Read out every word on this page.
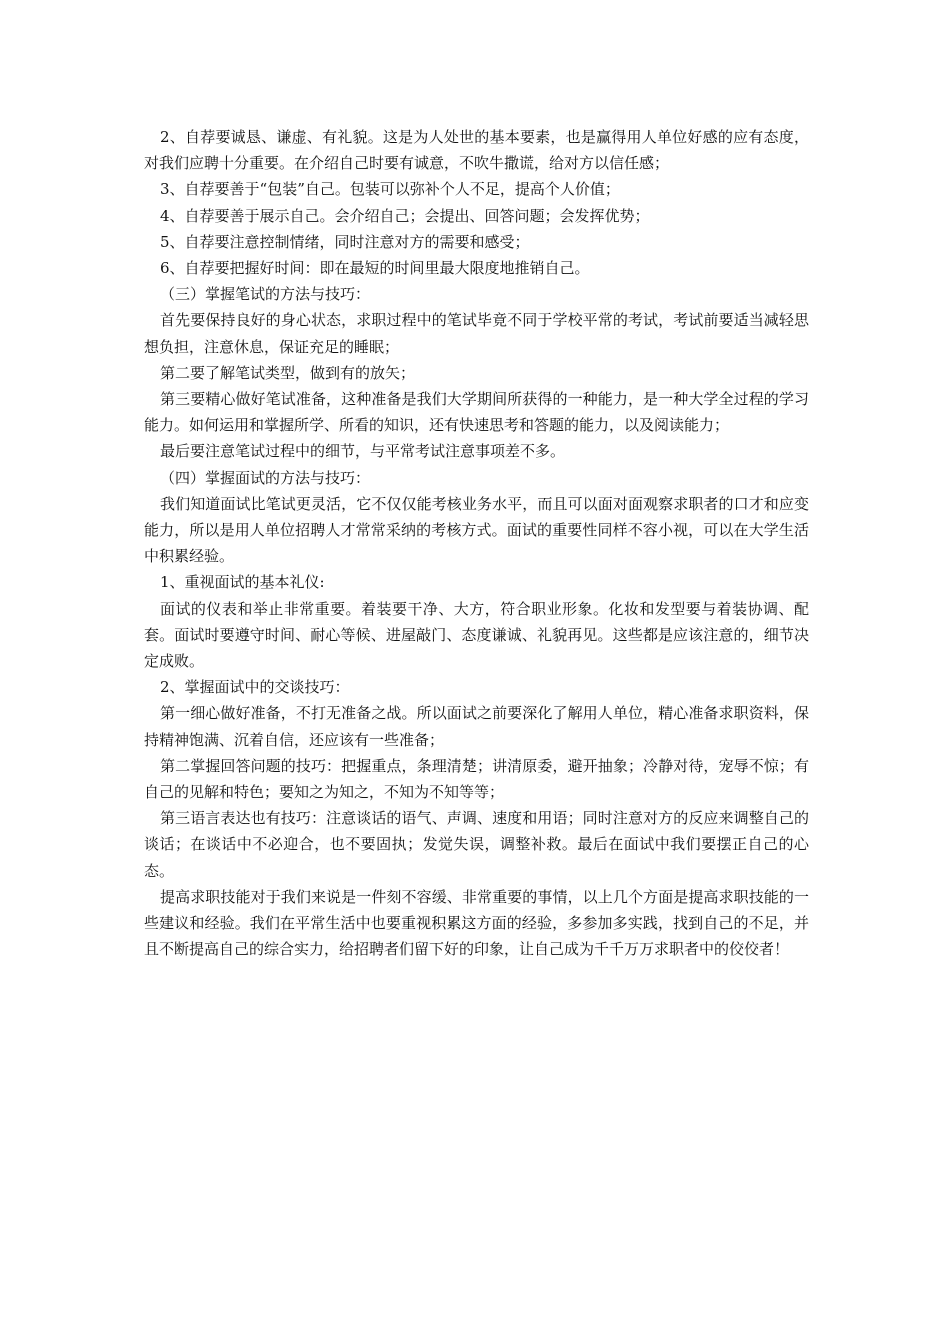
2、自荐要诚恳、谦虚、有礼貌。这是为人处世的基本要素，也是赢得用人单位好感的应有态度，对我们应聘十分重要。在介绍自己时要有诚意，不吹牛撒谎，给对方以信任感；

3、自荐要善于“包装”自己。包装可以弥补个人不足，提高个人价值；

4、自荐要善于展示自己。会介绍自己；会提出、回答问题；会发挥优势；

5、自荐要注意控制情绪，同时注意对方的需要和感受；

6、自荐要把握好时间：即在最短的时间里最大限度地推销自己。

（三）掌握笔试的方法与技巧：

首先要保持良好的身心状态，求职过程中的笔试毕竟不同于学校平常的考试，考试前要适当减轻思想负担，注意休息，保证充足的睡眠；

第二要了解笔试类型，做到有的放矢；

第三要精心做好笔试准备，这种准备是我们大学期间所获得的一种能力，是一种大学全过程的学习能力。如何运用和掌握所学、所看的知识，还有快速思考和答题的能力，以及阅读能力；

最后要注意笔试过程中的细节，与平常考试注意事项差不多。

（四）掌握面试的方法与技巧：

我们知道面试比笔试更灵活，它不仅仅能考核业务水平，而且可以面对面观察求职者的口才和应变能力，所以是用人单位招聘人才常常采纳的考核方式。面试的重要性同样不容小视，可以在大学生活中积累经验。

1、重视面试的基本礼仪:

面试的仪表和举止非常重要。着装要干净、大方，符合职业形象。化妆和发型要与着装协调、配套。面试时要遵守时间、耐心等候、进屋敲门、态度谦诚、礼貌再见。这些都是应该注意的，细节决定成败。

2、掌握面试中的交谈技巧：

第一细心做好准备，不打无准备之战。所以面试之前要深化了解用人单位，精心准备求职资料，保持精神饱满、沉着自信，还应该有一些准备；

第二掌握回答问题的技巧：把握重点，条理清楚；讲清原委，避开抽象；冷静对待，宠辱不惊；有自己的见解和特色；要知之为知之，不知为不知等等；

第三语言表达也有技巧：注意谈话的语气、声调、速度和用语；同时注意对方的反应来调整自己的谈话；在谈话中不必迎合，也不要固执；发觉失误，调整补救。最后在面试中我们要摆正自己的心态。

提高求职技能对于我们来说是一件刻不容缓、非常重要的事情，以上几个方面是提高求职技能的一些建议和经验。我们在平常生活中也要重视积累这方面的经验，多参加多实践，找到自己的不足，并且不断提高自己的综合实力，给招聘者们留下好的印象，让自己成为千千万万求职者中的佼佼者！
